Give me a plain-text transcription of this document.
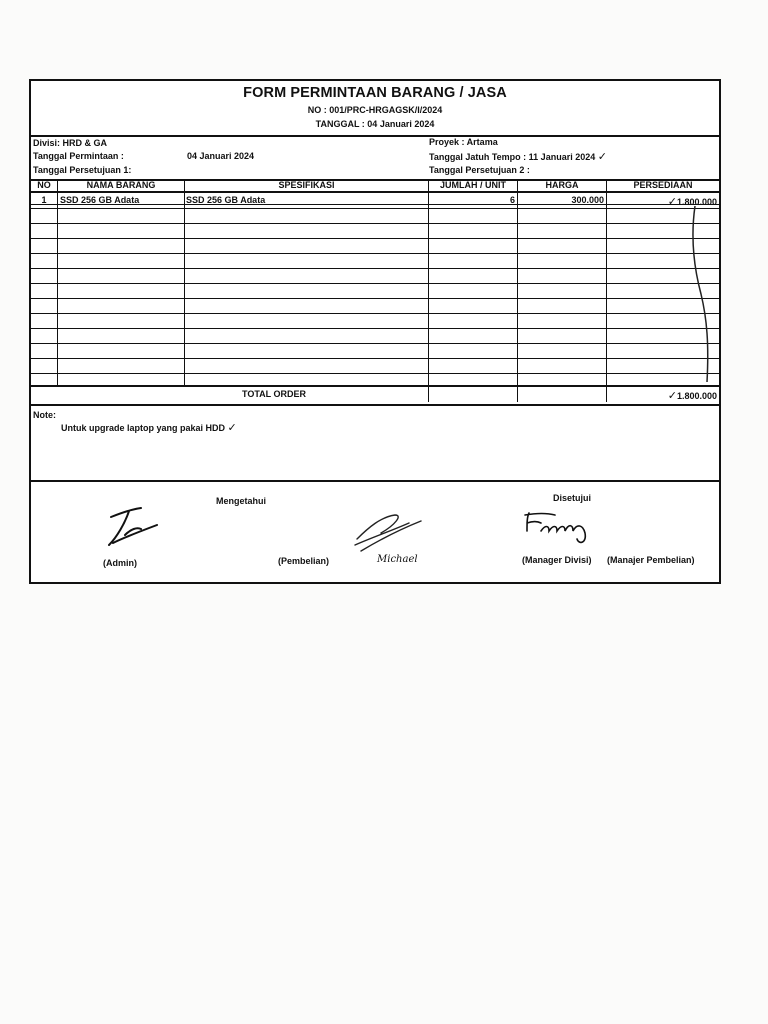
FORM PERMINTAAN BARANG / JASA
NO : 001/PRC-HRGAGSK/I/2024
TANGGAL : 04 Januari 2024
Divisi: HRD & GA
Tanggal Permintaan :	04 Januari 2024
Tanggal Persetujuan 1:
Proyek : Artama
Tanggal Jatuh Tempo : 11 Januari 2024 ✓
Tanggal Persetujuan 2 :
NO	NAMA BARANG	SPESIFIKASI	JUMLAH / UNIT	HARGA	PERSEDIAAN
1	SSD 256 GB Adata	SSD 256 GB Adata	6	300.000	✓1.800.000
TOTAL ORDER	✓1.800.000
Note:
Untuk upgrade laptop yang pakai HDD ✓
Mengetahui	Disetujui
(Admin)	(Pembelian)	(Manager Divisi) (Manajer Pembelian)
Michael
